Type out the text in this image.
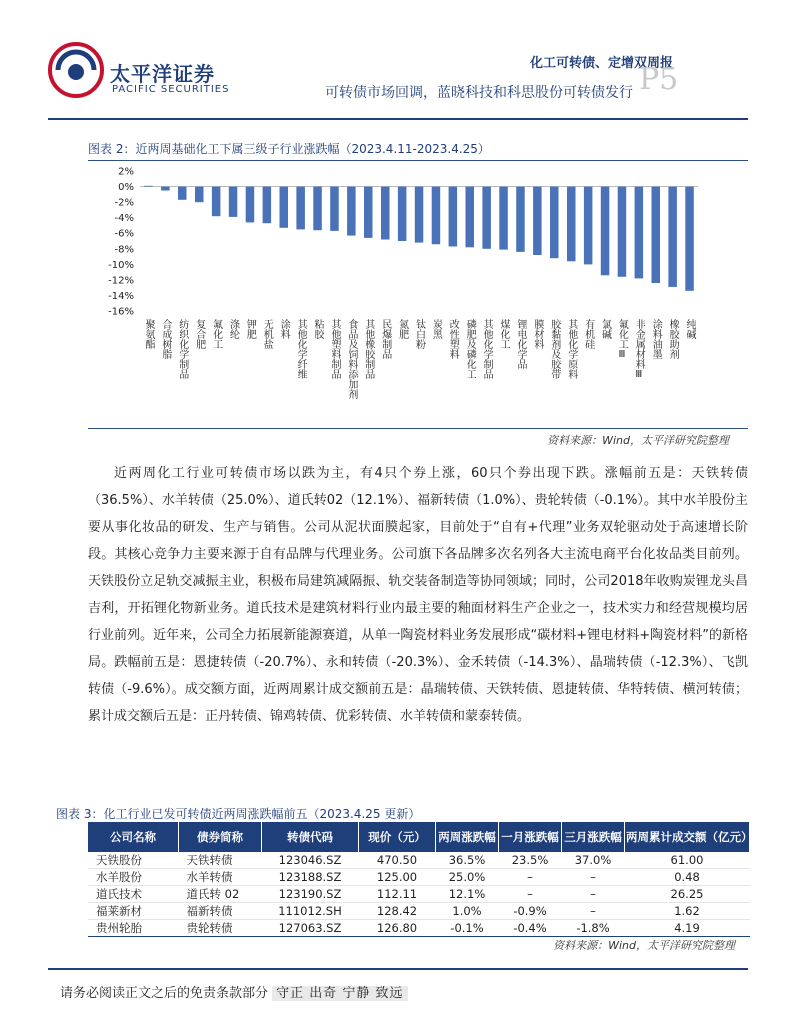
太平洋证券
PACIFIC SECURITIES
化工可转债、定增双周报
可转债市场回调，蓝晓科技和科思股份可转债发行 P5
图表 2：近两周基础化工下属三级子行业涨跌幅（2023.4.11-2023.4.25）
2%
0%
-2%
-4%
-6%
-8%
-10%
-12%
-14%
-16%
聚氨酯 合成树脂 纺织化学制品 复合肥 氟化工 涤纶 钾肥 无机盐 涂料 其他化学纤维 粘胶 其他塑料制品 食品及饲料添加剂 其他橡胶制品 民爆制品 氮肥 钛白粉 炭黑 改性塑料 磷肥及磷化工 其他化学制品 煤化工 锂电化学品 膜材料 胶黏剂及胶带 其他化学原料 有机硅 氯碱 氟化工Ⅲ 非金属材料Ⅲ 涂料油墨 橡胶助剂 纯碱
资料来源：Wind，太平洋研究院整理

近两周化工行业可转债市场以跌为主，有4只个券上涨，60只个券出现下跌。涨幅前五是：天铁转债（36.5%）、水羊转债（25.0%）、道氏转02（12.1%）、福新转债（1.0%）、贵轮转债（-0.1%）。其中水羊股份主要从事化妆品的研发、生产与销售。公司从泥状面膜起家，目前处于“自有+代理”业务双轮驱动处于高速增长阶段。其核心竞争力主要来源于自有品牌与代理业务。公司旗下各品牌多次名列各大主流电商平台化妆品类目前列。天铁股份立足轨交减振主业，积极布局建筑减隔振、轨交装备制造等协同领域；同时，公司2018年收购炭锂龙头昌吉利，开拓锂化物新业务。道氏技术是建筑材料行业内最主要的釉面材料生产企业之一，技术实力和经营规模均居行业前列。近年来，公司全力拓展新能源赛道，从单一陶瓷材料业务发展形成“碳材料+锂电材料+陶瓷材料”的新格局。跌幅前五是：恩捷转债（-20.7%）、永和转债（-20.3%）、金禾转债（-14.3%）、晶瑞转债（-12.3%）、飞凯转债（-9.6%）。成交额方面，近两周累计成交额前五是：晶瑞转债、天铁转债、恩捷转债、华特转债、横河转债；累计成交额后五是：正丹转债、锦鸡转债、优彩转债、水羊转债和蒙泰转债。

图表 3：化工行业已发可转债近两周涨跌幅前五（2023.4.25 更新）
公司名称	债券简称	转债代码	现价（元）	两周涨跌幅	一月涨跌幅	三月涨跌幅	两周累计成交额（亿元）
天铁股份	天铁转债	123046.SZ	470.50	36.5%	23.5%	37.0%	61.00
水羊股份	水羊转债	123188.SZ	125.00	25.0%	–	–	0.48
道氏技术	道氏转 02	123190.SZ	112.11	12.1%	–	–	26.25
福莱新材	福新转债	111012.SH	128.42	1.0%	-0.9%	–	1.62
贵州轮胎	贵轮转债	127063.SZ	126.80	-0.1%	-0.4%	-1.8%	4.19
资料来源：Wind，太平洋研究院整理
请务必阅读正文之后的免责条款部分 守正 出奇 宁静 致远
